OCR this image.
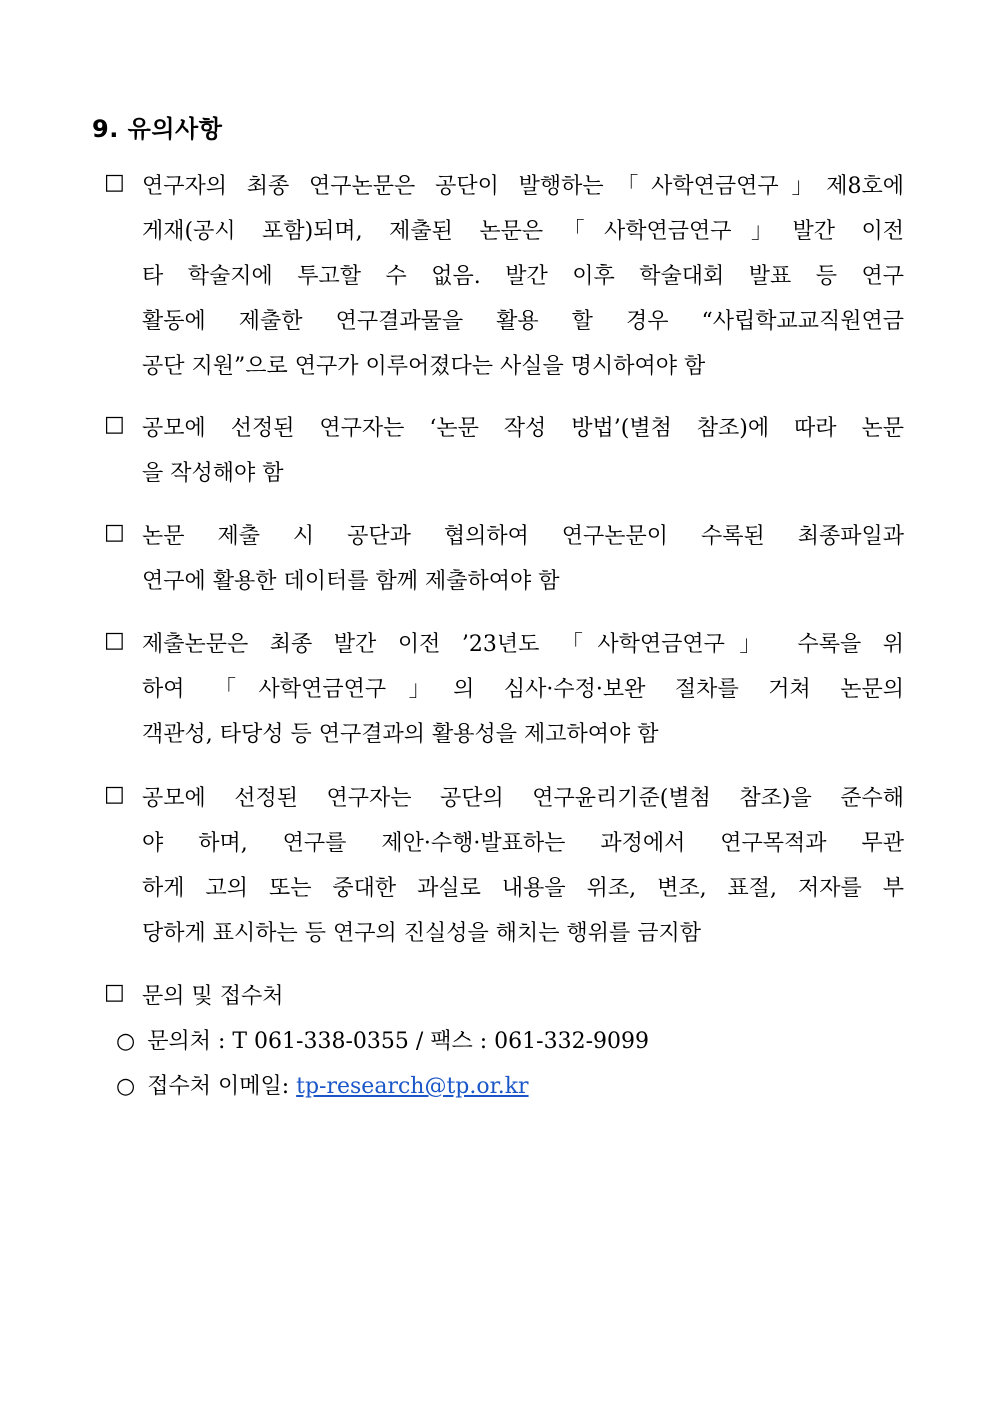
9. 유의사항
□ 연구자의 최종 연구논문은 공단이 발행하는「사학연금연구」제8호에
게재(공시 포함)되며, 제출된 논문은「사학연금연구」발간 이전
타 학술지에 투고할 수 없음. 발간 이후 학술대회 발표 등 연구
활동에 제출한 연구결과물을 활용 할 경우 “사립학교교직원연금
공단 지원”으로 연구가 이루어졌다는 사실을 명시하여야 함
□ 공모에 선정된 연구자는 ‘논문 작성 방법’(별첨 참조)에 따라 논문
을 작성해야 함
□ 논문 제출 시 공단과 협의하여 연구논문이 수록된 최종파일과
연구에 활용한 데이터를 함께 제출하여야 함
□ 제출논문은 최종 발간 이전 ’23년도 「사학연금연구」 수록을 위
하여 「사학연금연구」의 심사·수정·보완 절차를 거쳐 논문의
객관성, 타당성 등 연구결과의 활용성을 제고하여야 함
□ 공모에 선정된 연구자는 공단의 연구윤리기준(별첨 참조)을 준수해
야 하며, 연구를 제안·수행·발표하는 과정에서 연구목적과 무관
하게 고의 또는 중대한 과실로 내용을 위조, 변조, 표절, 저자를 부
당하게 표시하는 등 연구의 진실성을 해치는 행위를 금지함
□ 문의 및 접수처
○ 문의처 : T 061-338-0355 / 팩스 : 061-332-9099
○ 접수처 이메일: tp-research@tp.or.kr
